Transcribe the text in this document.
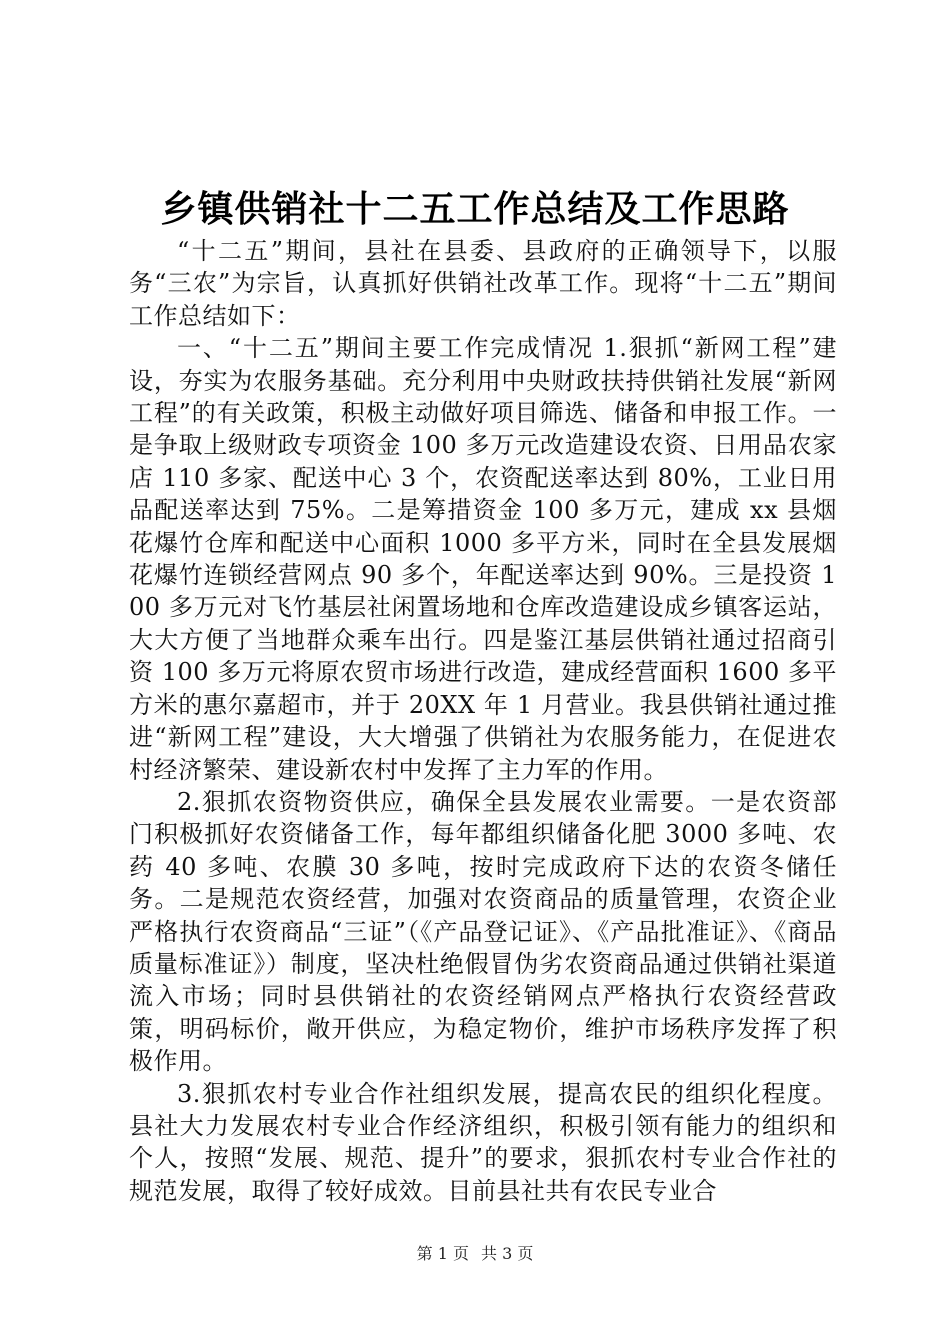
乡镇供销社十二五工作总结及工作思路

“十二五”期间，县社在县委、县政府的正确领导下，以服务“三农”为宗旨，认真抓好供销社改革工作。现将“十二五”期间工作总结如下：

一、“十二五”期间主要工作完成情况 1.狠抓“新网工程”建设，夯实为农服务基础。充分利用中央财政扶持供销社发展“新网工程”的有关政策，积极主动做好项目筛选、储备和申报工作。一是争取上级财政专项资金 100 多万元改造建设农资、日用品农家店 110 多家、配送中心 3 个，农资配送率达到 80%，工业日用品配送率达到 75%。二是筹措资金 100 多万元，建成 xx 县烟花爆竹仓库和配送中心面积 1000 多平方米，同时在全县发展烟花爆竹连锁经营网点 90 多个，年配送率达到 90%。三是投资 100 多万元对飞竹基层社闲置场地和仓库改造建设成乡镇客运站，大大方便了当地群众乘车出行。四是鉴江基层供销社通过招商引资 100 多万元将原农贸市场进行改造，建成经营面积 1600 多平方米的惠尔嘉超市，并于 20XX 年 1 月营业。我县供销社通过推进“新网工程”建设，大大增强了供销社为农服务能力，在促进农村经济繁荣、建设新农村中发挥了主力军的作用。

2.狠抓农资物资供应，确保全县发展农业需要。一是农资部门积极抓好农资储备工作，每年都组织储备化肥 3000 多吨、农药 40 多吨、农膜 30 多吨，按时完成政府下达的农资冬储任务。二是规范农资经营，加强对农资商品的质量管理，农资企业严格执行农资商品“三证”（《产品登记证》、《产品批准证》、《商品质量标准证》）制度，坚决杜绝假冒伪劣农资商品通过供销社渠道流入市场；同时县供销社的农资经销网点严格执行农资经营政策，明码标价，敞开供应，为稳定物价，维护市场秩序发挥了积极作用。

3.狠抓农村专业合作社组织发展，提高农民的组织化程度。县社大力发展农村专业合作经济组织，积极引领有能力的组织和个人，按照“发展、规范、提升”的要求，狠抓农村专业合作社的规范发展，取得了较好成效。目前县社共有农民专业合

第 1 页 共 3 页
